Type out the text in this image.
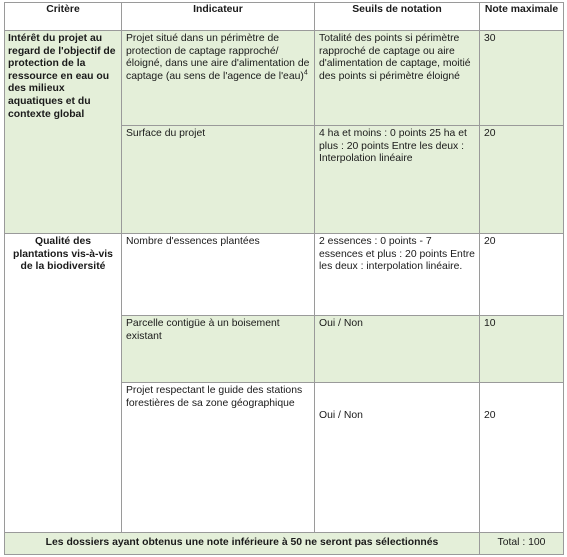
Critère	Indicateur	Seuils de notation	Note maximale
Intérêt du projet au regard de l'objectif de protection de la ressource en eau ou des milieux aquatiques et du contexte global	Projet situé dans un périmètre de protection de captage rapproché/éloigné, dans une aire d'alimentation de captage (au sens de l'agence de l'eau)$^4$	Totalité des points si périmètre rapproché de captage ou aire d'alimentation de captage, moitié des points si périmètre éloigné	30
	Surface du projet	4 ha et moins : 0 points 25 ha et plus : 20 points Entre les deux : Interpolation linéaire	20
Qualité des plantations vis-à-vis de la biodiversité	Nombre d'essences plantées	2 essences : 0 points - 7 essences et plus : 20 points Entre les deux : interpolation linéaire.	20
	Parcelle contigüe à un boisement existant	Oui / Non	10
	Projet respectant le guide des stations forestières de sa zone géographique	Oui / Non	20
Les dossiers ayant obtenus une note inférieure à 50 ne seront pas sélectionnés			Total : 100
